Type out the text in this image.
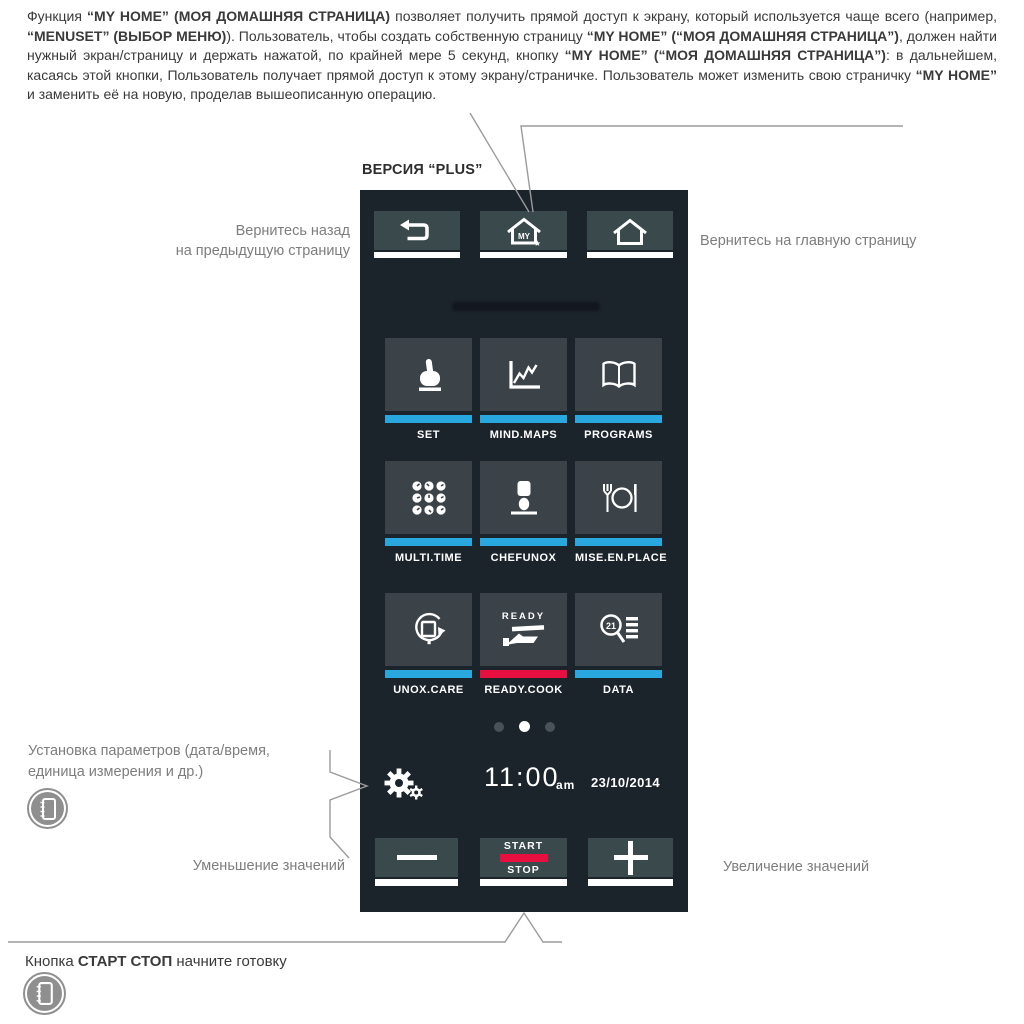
Функция “MY HOME” (МОЯ ДОМАШНЯЯ СТРАНИЦА) позволяет получить прямой доступ к экрану, который используется чаще всего (например, “MENUSET” (ВЫБОР МЕНЮ)). Пользователь, чтобы создать собственную страницу “MY HOME” (“МОЯ ДОМАШНЯЯ СТРАНИЦА”), должен найти нужный экран/страницу и держать нажатой, по крайней мере 5 секунд, кнопку “MY HOME” (“МОЯ ДОМАШНЯЯ СТРАНИЦА”): в дальнейшем, касаясь этой кнопки, Пользователь получает прямой доступ к этому экрану/страничке. Пользователь может изменить свою страничку “MY HOME” и заменить её на новую, проделав вышеописанную операцию.
ВЕРСИЯ “PLUS”
MY
★
SET	MIND.MAPS	PROGRAMS
MULTI.TIME	CHEFUNOX	MISE.EN.PLACE
UNOX.CARE
READY
READY.COOK
21
DATA
11:00
am 23/10/2014
START
STOP
Вернитесь назад
на предыдущую страницу
Вернитесь на главную страницу
Установка параметров (дата/время,
единица измерения и др.)
Уменьшение значений	Увеличение значений
Кнопка СТАРТ СТОП начните готовку
